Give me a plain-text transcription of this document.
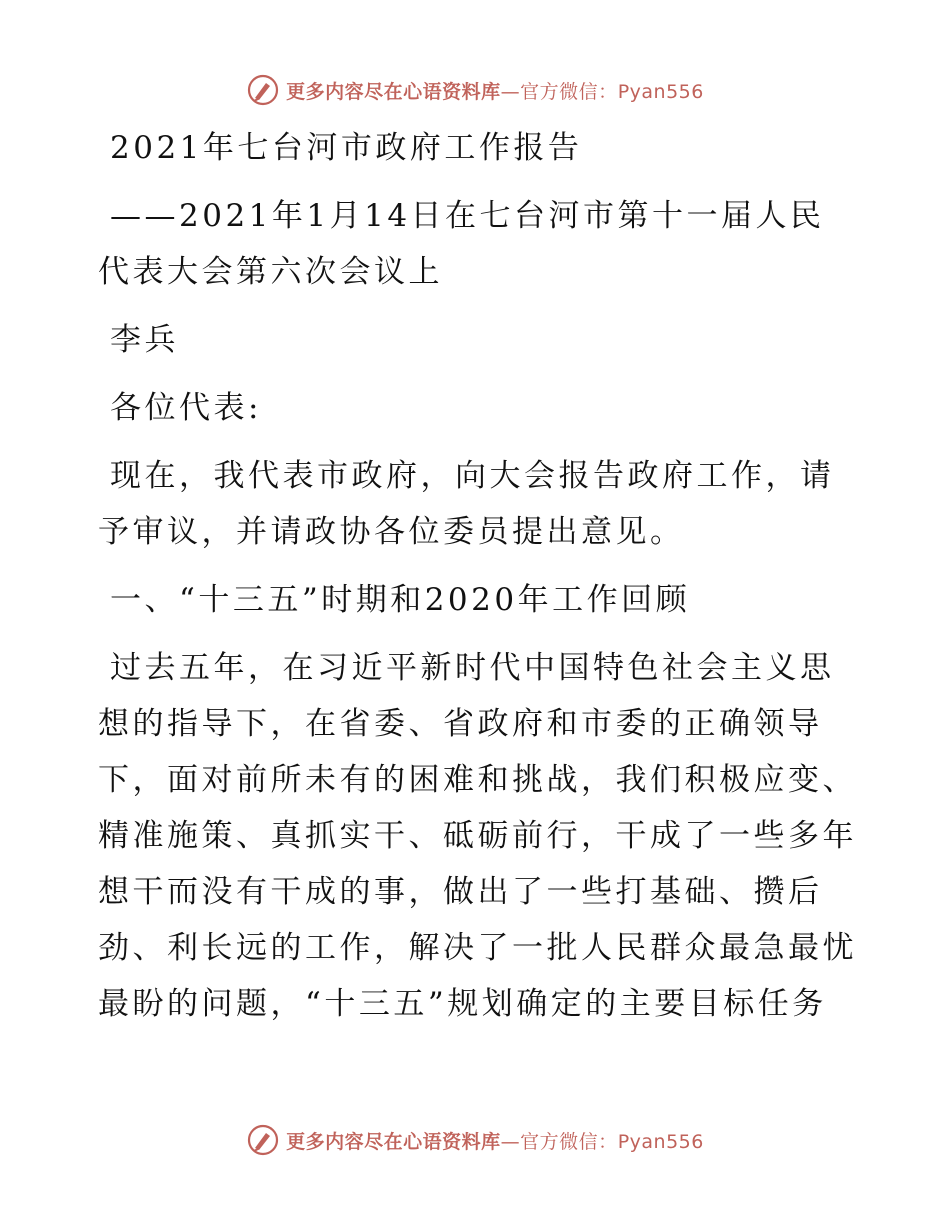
更多内容尽在心语资料库—官方微信：Pyan556

2021年七台河市政府工作报告

——2021年1月14日在七台河市第十一届人民代表大会第六次会议上

李兵

各位代表:

现在，我代表市政府，向大会报告政府工作，请予审议，并请政协各位委员提出意见。

一、“十三五”时期和2020年工作回顾

过去五年，在习近平新时代中国特色社会主义思想的指导下，在省委、省政府和市委的正确领导下，面对前所未有的困难和挑战，我们积极应变、精准施策、真抓实干、砥砺前行，干成了一些多年想干而没有干成的事，做出了一些打基础、攒后劲、利长远的工作，解决了一批人民群众最急最忧最盼的问题，“十三五”规划确定的主要目标任务

更多内容尽在心语资料库—官方微信：Pyan556
